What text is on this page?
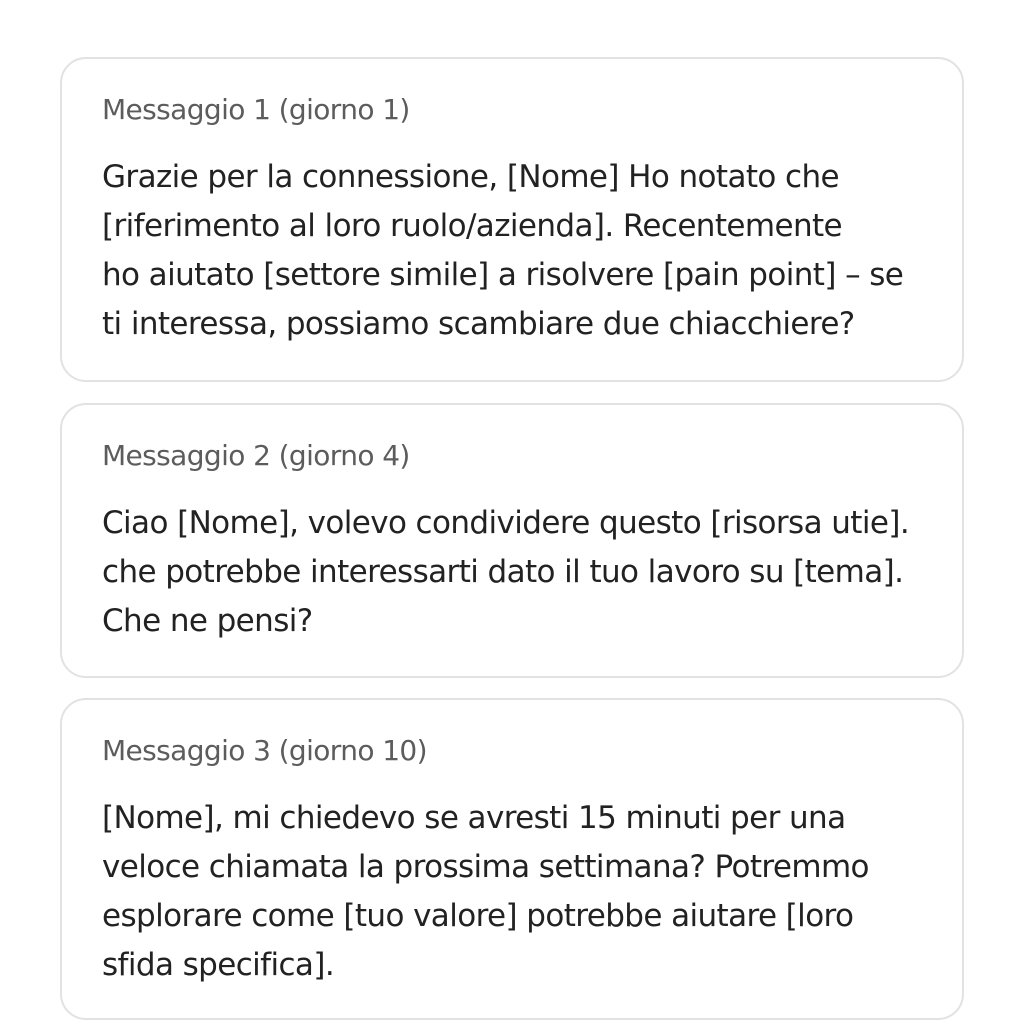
Messaggio 1 (giorno 1)

Grazie per la connessione, [Nome] Ho notato che
[riferimento al loro ruolo/azienda]. Recentemente
ho aiutato [settore simile] a risolvere [pain point] – se
ti interessa, possiamo scambiare due chiacchiere?

Messaggio 2 (giorno 4)

Ciao [Nome], volevo condividere questo [risorsa utie].
che potrebbe interessarti dato il tuo lavoro su [tema].
Che ne pensi?

Messaggio 3 (giorno 10)

[Nome], mi chiedevo se avresti 15 minuti per una
veloce chiamata la prossima settimana? Potremmo
esplorare come [tuo valore] potrebbe aiutare [loro
sfida specifica].
